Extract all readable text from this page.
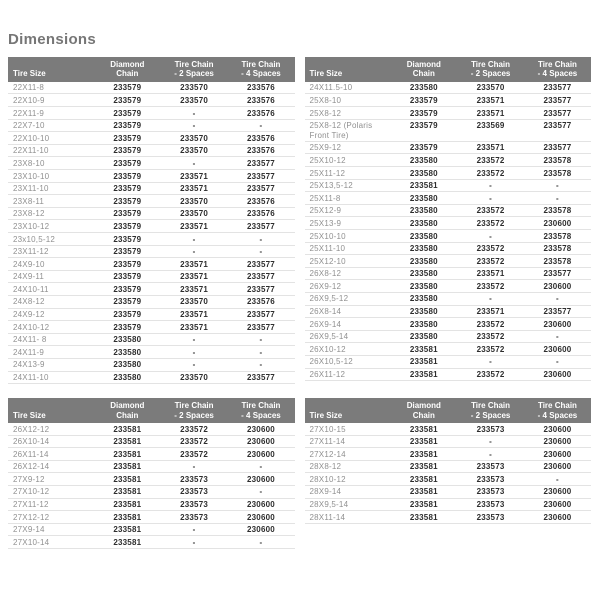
Dimensions
Tire Size
Diamond
Chain
Tire Chain
- 2 Spaces
Tire Chain
- 4 Spaces
22X11-8	233579	233570	233576
22X10-9	233579	233570	233576
22X11-9	233579	-	233576
22X7-10	233579	-	-
22X10-10	233579	233570	233576
22X11-10	233579	233570	233576
23X8-10	233579	-	233577
23X10-10	233579	233571	233577
23X11-10	233579	233571	233577
23X8-11	233579	233570	233576
23X8-12	233579	233570	233576
23X10-12	233579	233571	233577
23x10,5-12	233579	-	-
23X11-12	233579	-	-
24X9-10	233579	233571	233577
24X9-11	233579	233571	233577
24X10-11	233579	233571	233577
24X8-12	233579	233570	233576
24X9-12	233579	233571	233577
24X10-12	233579	233571	233577
24X11- 8	233580	-	-
24X11-9	233580	-	-
24X13-9	233580	-	-
24X11-10	233580	233570	233577
Tire Size
Diamond
Chain
Tire Chain
- 2 Spaces
Tire Chain
- 4 Spaces
24X11.5-10	233580	233570	233577
25X8-10	233579	233571	233577
25X8-12	233579	233571	233577
25X8-12 (Polaris Front Tire)
233579	233569	233577
25X9-12	233579	233571	233577
25X10-12	233580	233572	233578
25X11-12	233580	233572	233578
25X13,5-12	233581	-	-
25X11-8	233580	-	-
25X12-9	233580	233572	233578
25X13-9	233580	233572	230600
25X10-10	233580	-	233578
25X11-10	233580	233572	233578
25X12-10	233580	233572	233578
26X8-12	233580	233571	233577
26X9-12	233580	233572	230600
26X9,5-12	233580	-	-
26X8-14	233580	233571	233577
26X9-14	233580	233572	230600
26X9,5-14	233580	233572	-
26X10-12	233581	233572	230600
26X10,5-12	233581	-	-
26X11-12	233581	233572	230600
Tire Size
Diamond
Chain
Tire Chain
- 2 Spaces
Tire Chain
- 4 Spaces
26X12-12	233581	233572	230600
26X10-14	233581	233572	230600
26X11-14	233581	233572	230600
26X12-14	233581	-	-
27X9-12	233581	233573	230600
27X10-12	233581	233573	-
27X11-12	233581	233573	230600
27X12-12	233581	233573	230600
27X9-14	233581	-	230600
27X10-14	233581	-	-
Tire Size
Diamond
Chain
Tire Chain
- 2 Spaces
Tire Chain
- 4 Spaces
27X10-15	233581	233573	230600
27X11-14	233581	-	230600
27X12-14	233581	-	230600
28X8-12	233581	233573	230600
28X10-12	233581	233573	-
28X9-14	233581	233573	230600
28X9,5-14	233581	233573	230600
28X11-14	233581	233573	230600
